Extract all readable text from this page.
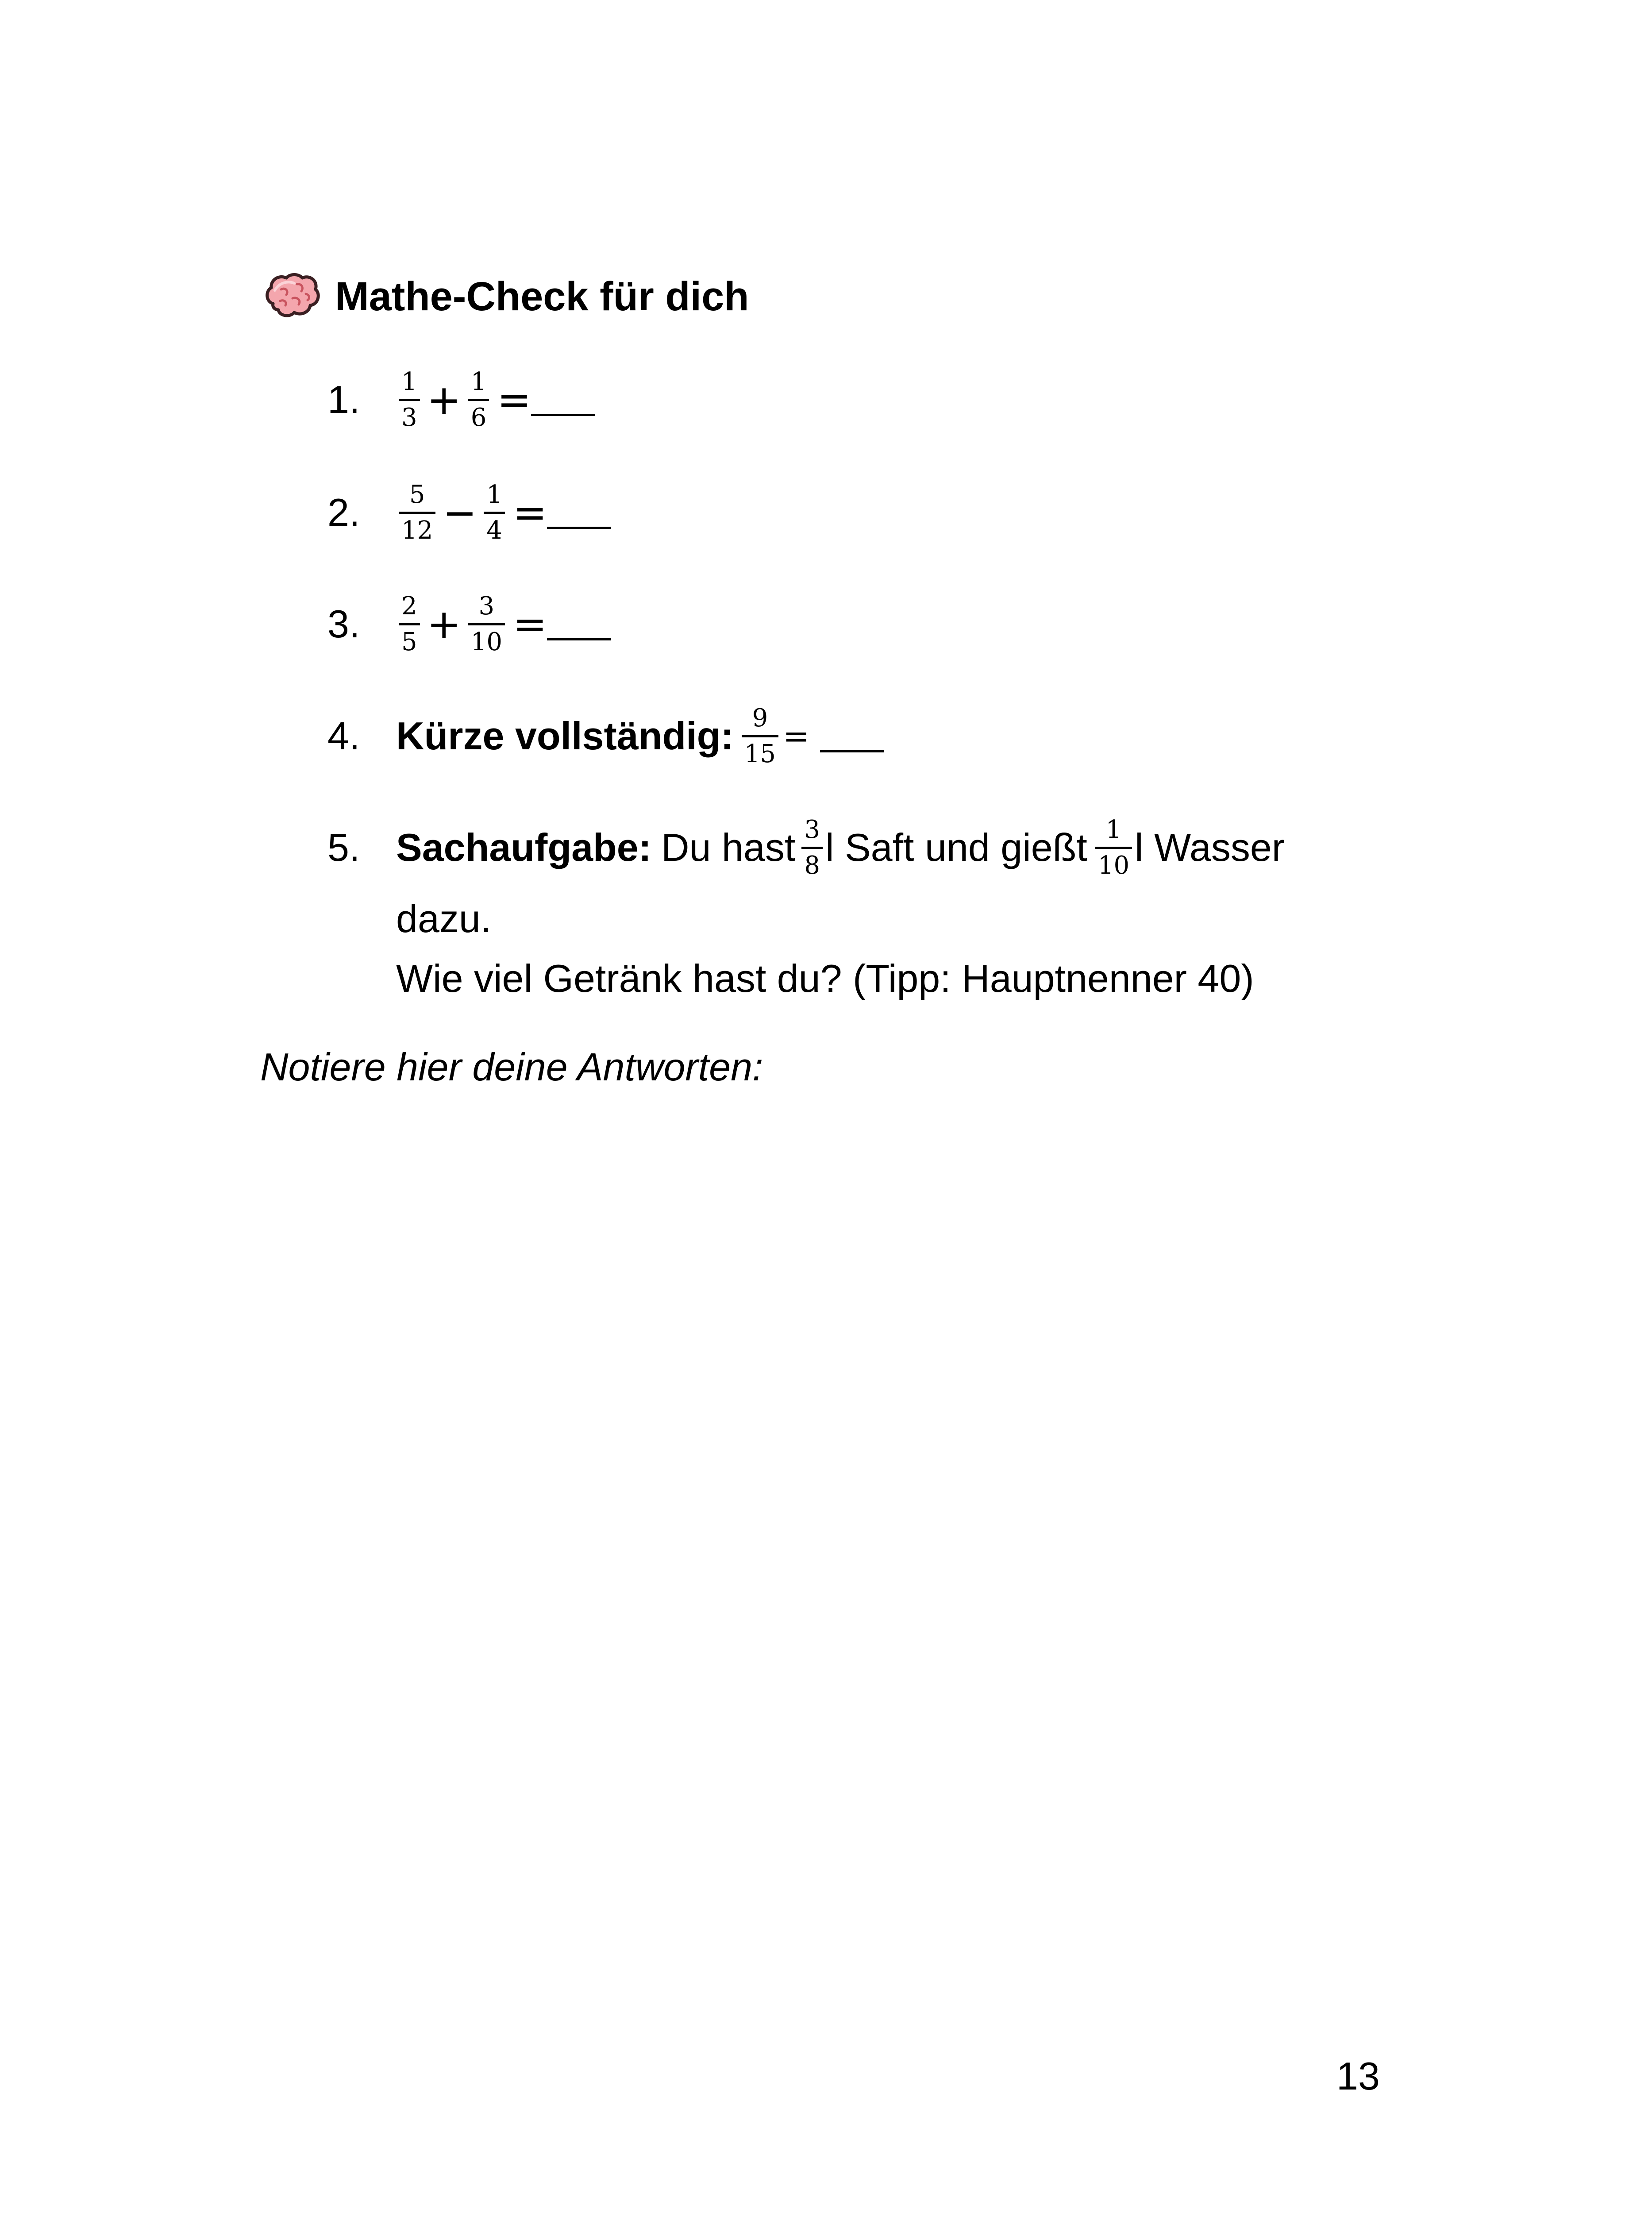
Mathe-Check für dich
1.	$\frac{1}{3} + \frac{1}{6}$ =
2.	$\frac{5}{12} - \frac{1}{4}$ =
3.	$\frac{2}{5} + \frac{3}{10}$ =
4. Kürze vollständig: $\frac{9}{15}$ =
5. Sachaufgabe: Du hast $\frac{3}{8}$ l Saft und gießt $\frac{1}{10}$ l Wasser
dazu.
Wie viel Getränk hast du? (Tipp: Hauptnenner 40)
Notiere hier deine Antworten:
13
